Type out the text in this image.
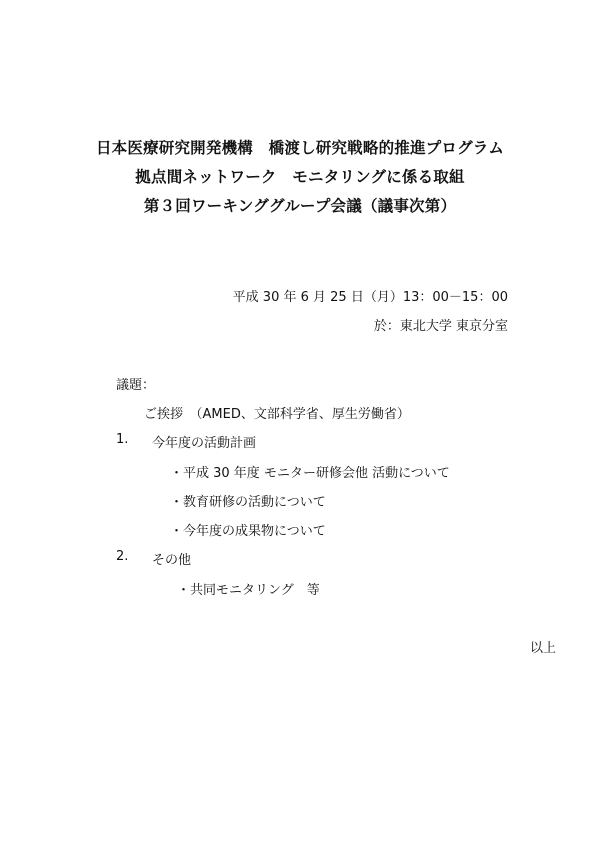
日本医療研究開発機構　橋渡し研究戦略的推進プログラム
拠点間ネットワーク　モニタリングに係る取組
第３回ワーキンググループ会議（議事次第）
平成 30 年 6 月 25 日（月）13：00－15：00
於：東北大学 東京分室
議題：
ご挨拶　（AMED、文部科学省、厚生労働省）
1. 今年度の活動計画
・平成 30 年度 モニター研修会他 活動について
・教育研修の活動について
・今年度の成果物について
2. その他
・共同モニタリング　等
以上
